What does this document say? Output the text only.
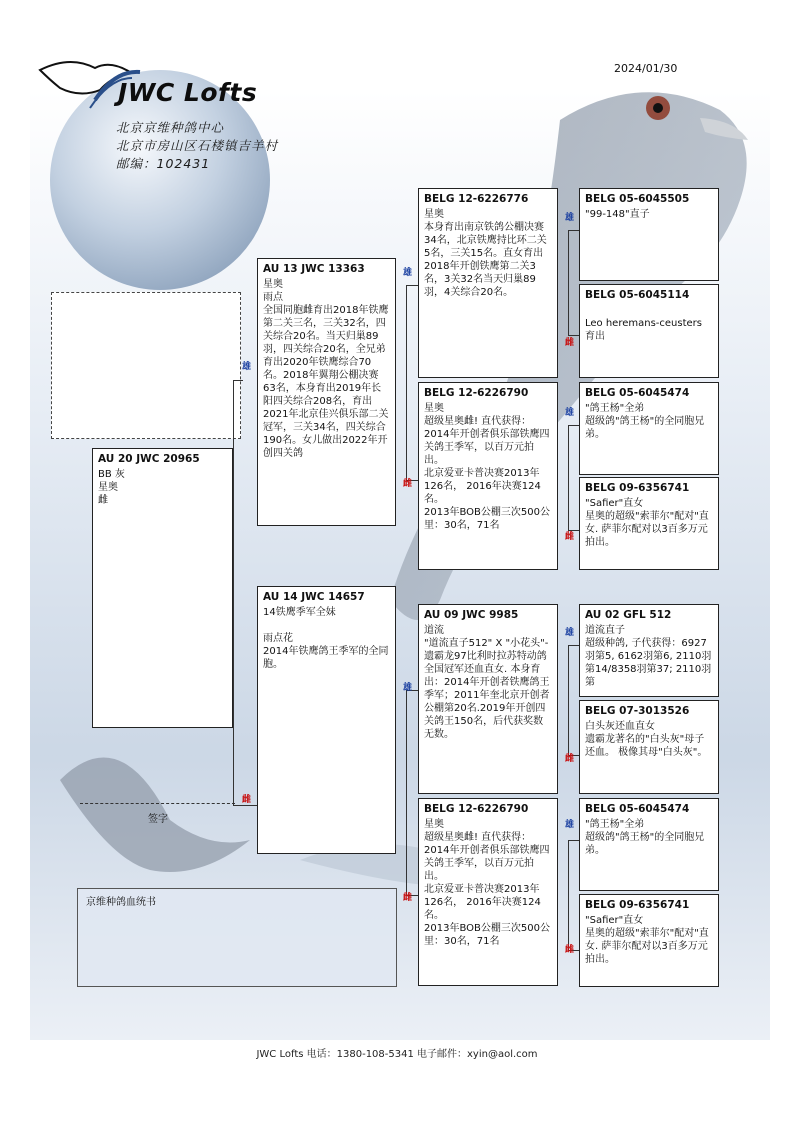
JWC Lofts
北京京维种鸽中心
北京市房山区石楼镇吉羊村
邮编：102431
2024/01/30
雄
雌
雄
雌
雄
雌
雄
雌
雄
雌
雄
雌
雄
雌
AU 20 JWC 20965
BB 灰
星奥
雌
AU 13 JWC 13363
星奥
雨点
全国同胞雌育出2018年铁鹰第二关三名，三关32名，四关综合20名。当天归巢89羽，四关综合20名，全兄弟育出2020年铁鹰综合70名。2018年翼翔公棚决赛63名，本身育出2019年长阳四关综合208名，育出2021年北京佳兴俱乐部二关冠军，三关34名，四关综合190名。女儿做出2022年开创四关鸽
AU 14 JWC 14657
14铁鹰季军全妹

雨点花
2014年铁鹰鸽王季军的全同胞。
BELG 12-6226776
星奥
本身育出南京铁鸽公棚决赛34名，北京铁鹰持比环二关5名，三关15名。直女育出2018年开创铁鹰第二关3名，3关32名当天归巢89羽，4关综合20名。
BELG 12-6226790
星奥
超级星奥雌! 直代获得：2014年开创者俱乐部铁鹰四关鸽王季军，以百万元拍出。
北京爱亚卡普决赛2013年126名， 2016年决赛124名。
2013年BOB公棚三次500公里：30名，71名
AU 09 JWC 9985
道流
"道流直子512" X "小花头"-遗霸龙97比利时拉苏特动鸽全国冠军还血直女. 本身育出：2014年开创者铁鹰鸽王季军；2011年奎北京开创者公棚第20名.2019年开创四关鸽王150名，后代获奖数无数。
BELG 12-6226790
星奥
超级星奥雌! 直代获得：2014年开创者俱乐部铁鹰四关鸽王季军，以百万元拍出。
北京爱亚卡普决赛2013年126名， 2016年决赛124名。
2013年BOB公棚三次500公里：30名，71名
BELG 05-6045505
"99-148"直子
BELG 05-6045114

Leo heremans-ceusters 育出
BELG 05-6045474
"鸽王杨"全弟
超级鸽"鸽王杨"的全同胞兄弟。
BELG 09-6356741
"Safier"直女
星奥的超级"索菲尔"配对"直女. 萨菲尔配对以3百多万元拍出。
AU 02 GFL 512
道流直子
超级种鸽, 子代获得：6927羽第5, 6162羽第6, 2110羽第14/8358羽第37; 2110羽第
BELG 07-3013526
白头灰还血直女
遗霸龙著名的"白头灰"母子还血。 极像其母"白头灰"。
BELG 05-6045474
"鸽王杨"全弟
超级鸽"鸽王杨"的全同胞兄弟。
BELG 09-6356741
"Safier"直女
星奥的超级"索菲尔"配对"直女. 萨菲尔配对以3百多万元拍出。
签字
京维种鸽血统书
JWC Lofts 电话：1380-108-5341 电子邮件：xyin@aol.com
